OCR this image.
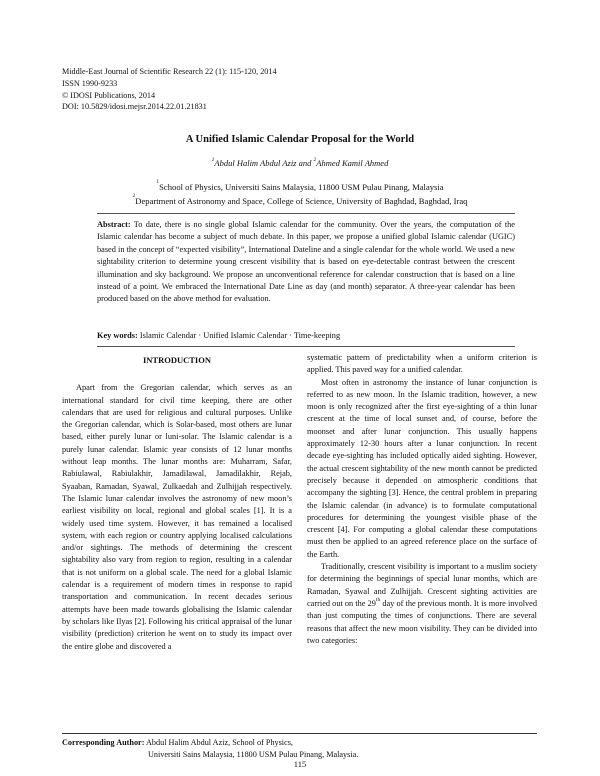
Middle-East Journal of Scientific Research 22 (1): 115-120, 2014
ISSN 1990-9233
© IDOSI Publications, 2014
DOI: 10.5829/idosi.mejsr.2014.22.01.21831
A Unified Islamic Calendar Proposal for the World
$^1$Abdul Halim Abdul Aziz and $^2$Ahmed Kamil Ahmed
$^1$School of Physics, Universiti Sains Malaysia, 11800 USM Pulau Pinang, Malaysia
$^2$Department of Astronomy and Space, College of Science, University of Baghdad, Baghdad, Iraq
Abstract: To date, there is no single global Islamic calendar for the community. Over the years, the computation of the Islamic calendar has become a subject of much debate. In this paper, we propose a unified global Islamic calendar (UGIC) based in the concept of “expected visibility”, International Dateline and a single calendar for the whole world. We used a new sightability criterion to determine young crescent visibility that is based on eye-detectable contrast between the crescent illumination and sky background. We propose an unconventional reference for calendar construction that is based on a line instead of a point. We embraced the International Date Line as day (and month) separator. A three-year calendar has been produced based on the above method for evaluation.
Key words: Islamic Calendar · Unified Islamic Calendar · Time-keeping
INTRODUCTION

Apart from the Gregorian calendar, which serves as an international standard for civil time keeping, there are other calendars that are used for religious and cultural purposes. Unlike the Gregorian calendar, which is Solar-based, most others are lunar based, either purely lunar or luni-solar. The Islamic calendar is a purely lunar calendar. Islamic year consists of 12 lunar months without leap months. The lunar months are: Muharram, Safar, Rabiulawal, Rabiulakhir, Jamadilawal, Jamadilakhir, Rejab, Syaaban, Ramadan, Syawal, Zulkaedah and Zulhijjah respectively. The Islamic lunar calendar involves the astronomy of new moon’s earliest visibility on local, regional and global scales [1]. It is a widely used time system. However, it has remained a localised system, with each region or country applying localised calculations and/or sightings. The methods of determining the crescent sightability also vary from region to region, resulting in a calendar that is not uniform on a global scale. The need for a global Islamic calendar is a requirement of modern times in response to rapid transportation and communication. In recent decades serious attempts have been made towards globalising the Islamic calendar by scholars like Ilyas [2]. Following his critical appraisal of the lunar visibility (prediction) criterion he went on to study its impact over the entire globe and discovered a

systematic pattern of predictability when a uniform criterion is applied. This paved way for a unified calendar.

Most often in astronomy the instance of lunar conjunction is referred to as new moon. In the Islamic tradition, however, a new moon is only recognized after the first eye-sighting of a thin lunar crescent at the time of local sunset and, of course, before the moonset and after lunar conjunction. This usually happens approximately 12-30 hours after a lunar conjunction. In recent decade eye-sighting has included optically aided sighting. However, the actual crescent sightability of the new month cannot be predicted precisely because it depended on atmospheric conditions that accompany the sighting [3]. Hence, the central problem in preparing the Islamic calendar (in advance) is to formulate computational procedures for determining the youngest visible phase of the crescent [4]. For computing a global calendar these computations must then be applied to an agreed reference place on the surface of the Earth.

Traditionally, crescent visibility is important to a muslim society for determining the beginnings of special lunar months, which are Ramadan, Syawal and Zulhijjah. Crescent sighting activities are carried out on the 29th day of the previous month. It is more involved than just computing the times of conjunctions. There are several reasons that affect the new moon visibility. They can be divided into two categories:

Corresponding Author: Abdul Halim Abdul Aziz, School of Physics,
Universiti Sains Malaysia, 11800 USM Pulau Pinang, Malaysia.
115
